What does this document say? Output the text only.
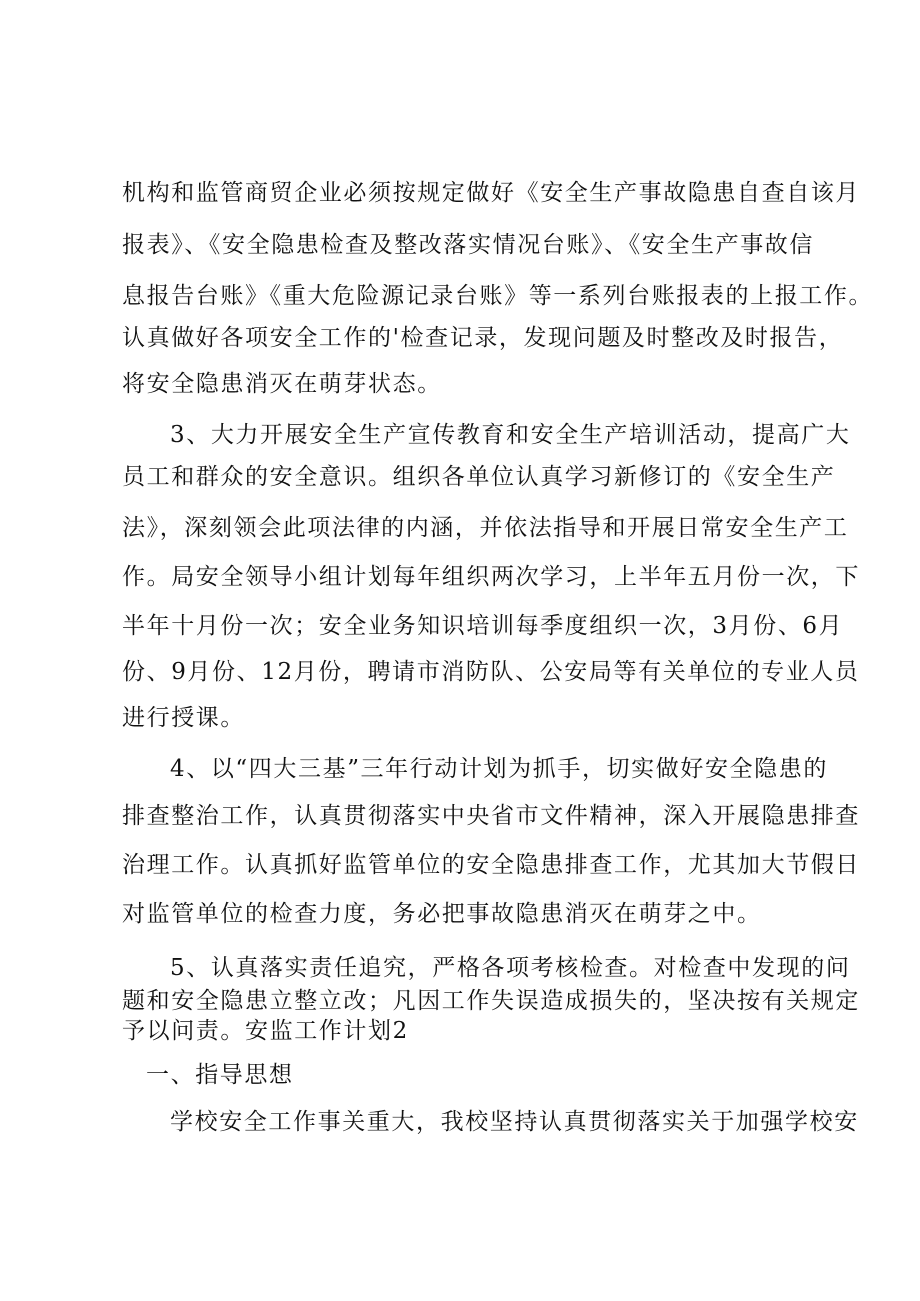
机构和监管商贸企业必须按规定做好《安全生产事故隐患自查自该月
报表》、《安全隐患检查及整改落实情况台账》、《安全生产事故信
息报告台账》《重大危险源记录台账》等一系列台账报表的上报工作。
认真做好各项安全工作的'检查记录，发现问题及时整改及时报告，
将安全隐患消灭在萌芽状态。
3、大力开展安全生产宣传教育和安全生产培训活动，提高广大
员工和群众的安全意识。组织各单位认真学习新修订的《安全生产
法》，深刻领会此项法律的内涵，并依法指导和开展日常安全生产工
作。局安全领导小组计划每年组织两次学习，上半年五月份一次，下
半年十月份一次；安全业务知识培训每季度组织一次，3月份、6月
份、9月份、12月份，聘请市消防队、公安局等有关单位的专业人员
进行授课。
4、以“四大三基”三年行动计划为抓手，切实做好安全隐患的
排查整治工作，认真贯彻落实中央省市文件精神，深入开展隐患排查
治理工作。认真抓好监管单位的安全隐患排查工作，尤其加大节假日
对监管单位的检查力度，务必把事故隐患消灭在萌芽之中。
5、认真落实责任追究，严格各项考核检查。对检查中发现的问
题和安全隐患立整立改；凡因工作失误造成损失的，坚决按有关规定
予以问责。安监工作计划2
一、指导思想
学校安全工作事关重大，我校坚持认真贯彻落实关于加强学校安
